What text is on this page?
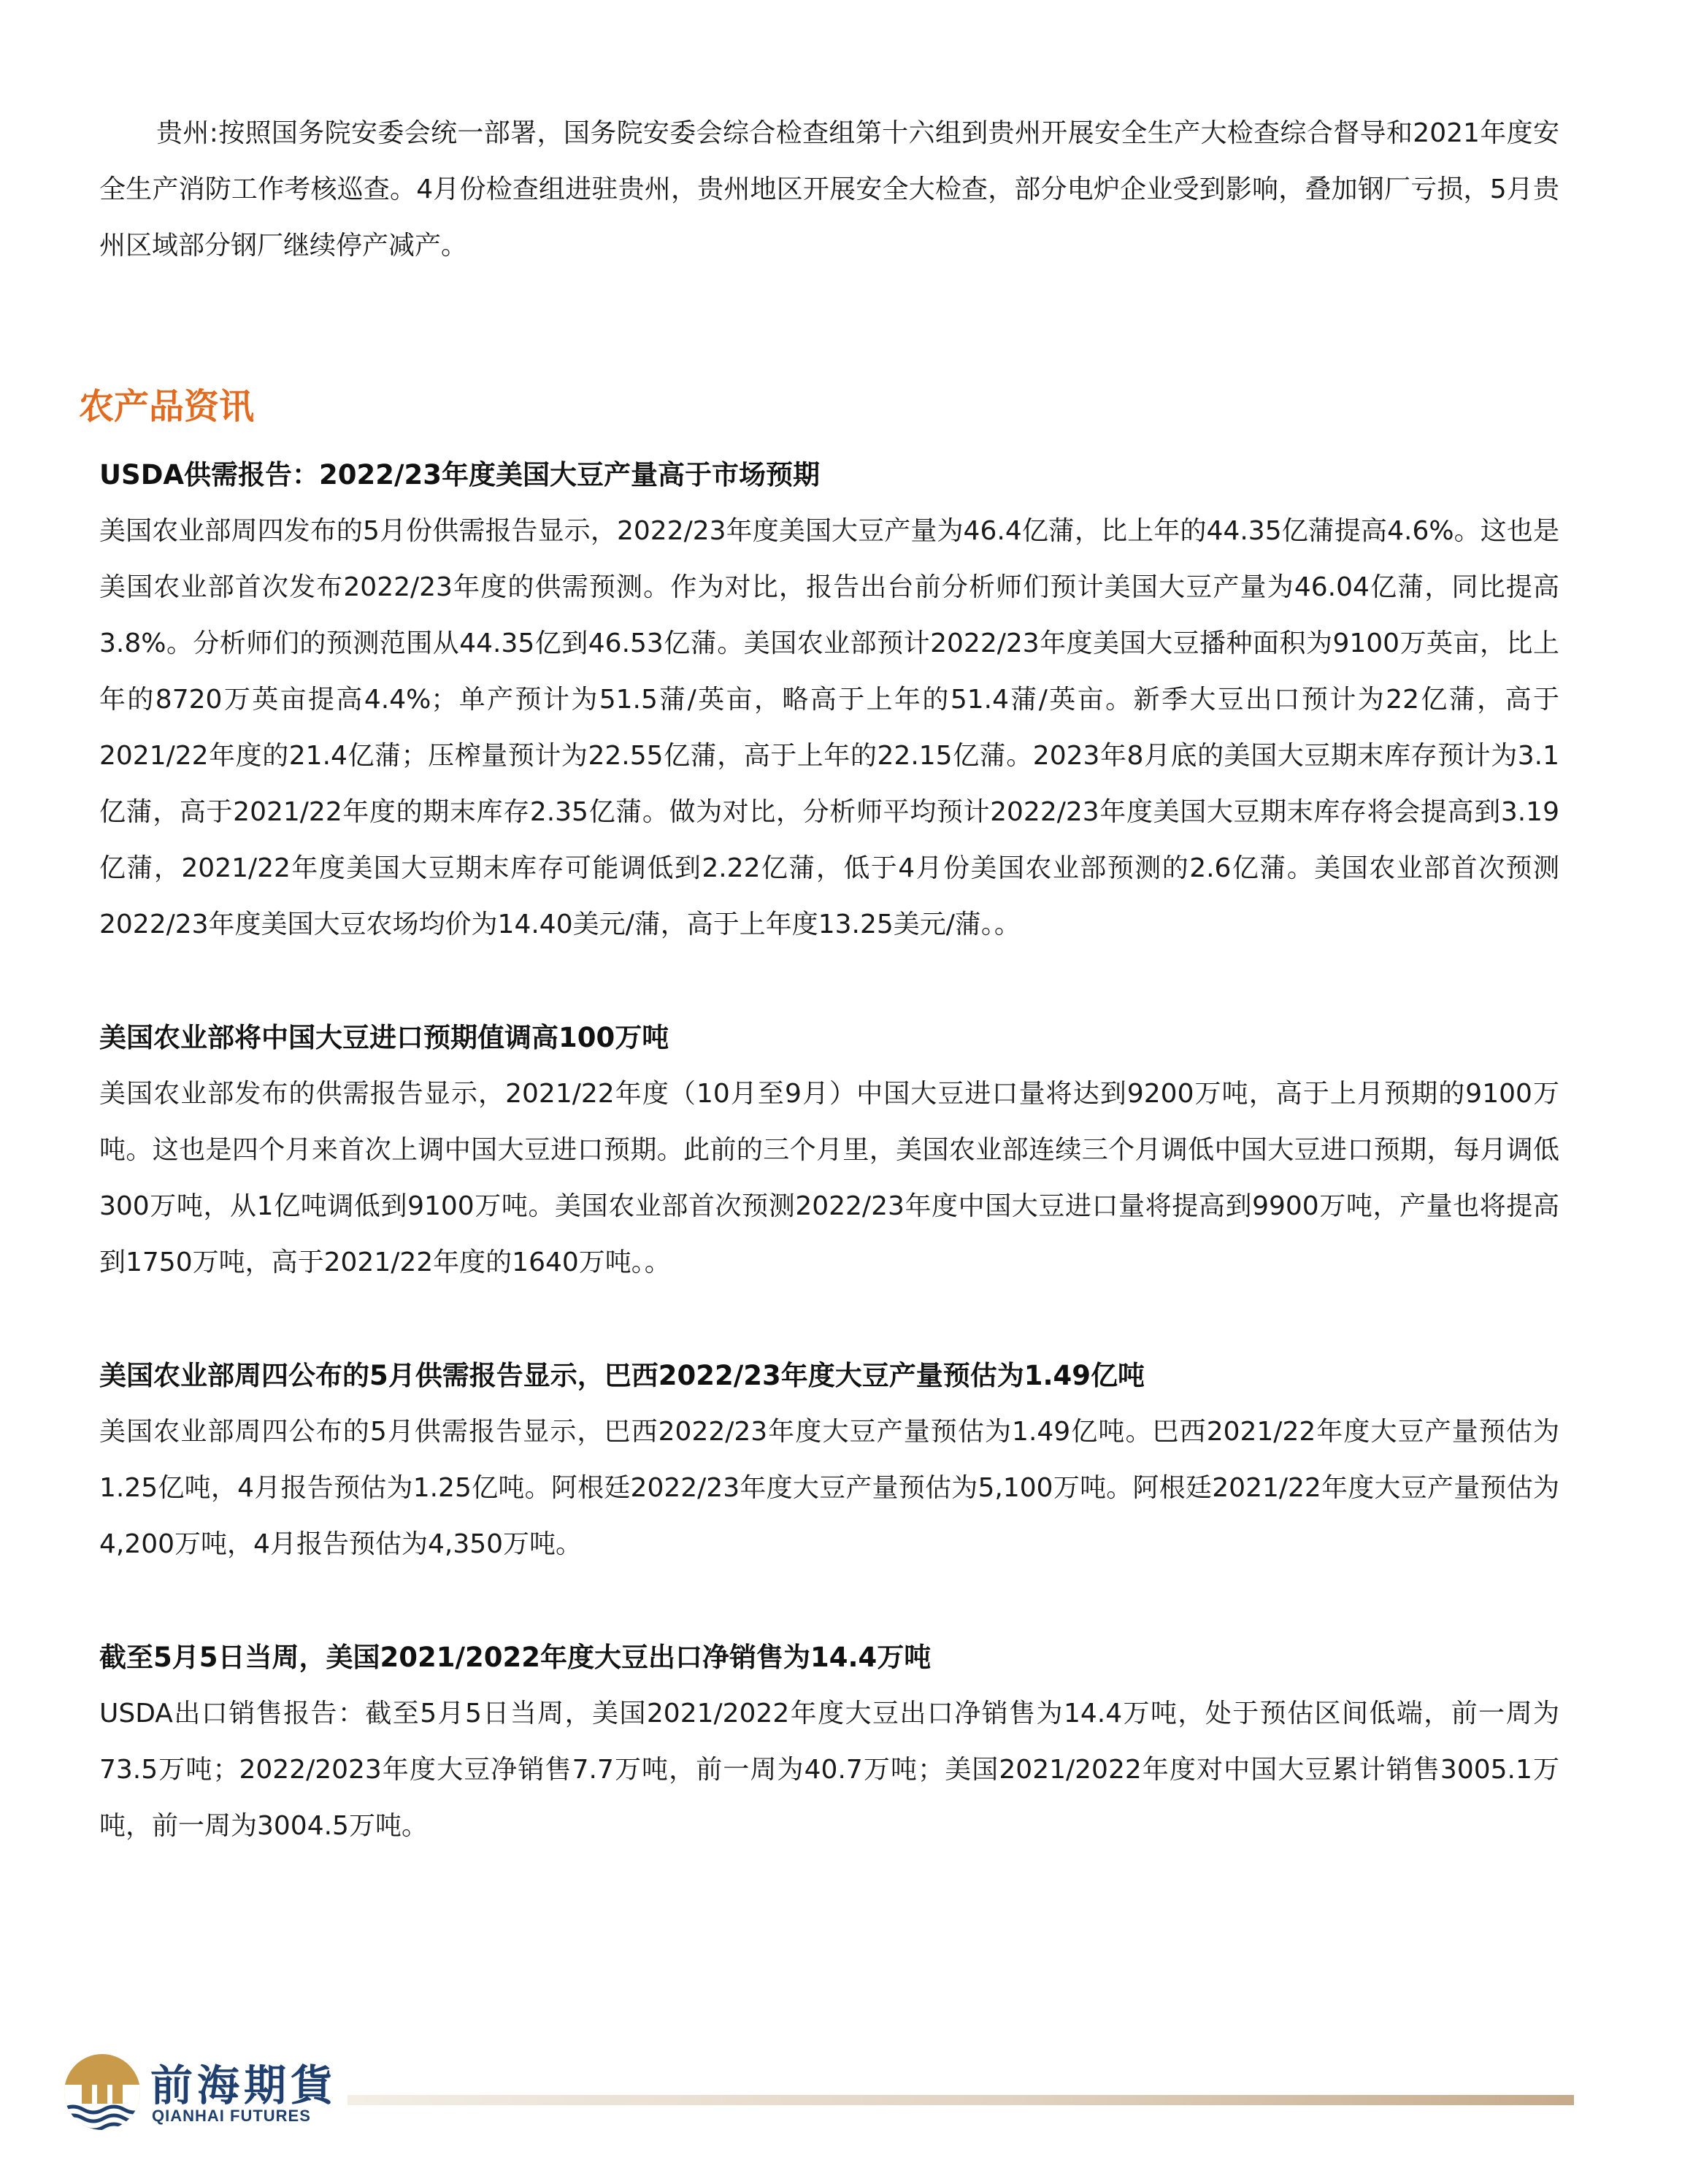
贵州:按照国务院安委会统一部署，国务院安委会综合检查组第十六组到贵州开展安全生产大检查综合督导和2021年度安全生产消防工作考核巡查。4月份检查组进驻贵州，贵州地区开展安全大检查，部分电炉企业受到影响，叠加钢厂亏损，5月贵州区域部分钢厂继续停产减产。

农产品资讯

USDA供需报告：2022/23年度美国大豆产量高于市场预期

美国农业部周四发布的5月份供需报告显示，2022/23年度美国大豆产量为46.4亿蒲，比上年的44.35亿蒲提高4.6%。这也是美国农业部首次发布2022/23年度的供需预测。作为对比，报告出台前分析师们预计美国大豆产量为46.04亿蒲，同比提高3.8%。分析师们的预测范围从44.35亿到46.53亿蒲。美国农业部预计2022/23年度美国大豆播种面积为9100万英亩，比上年的8720万英亩提高4.4%；单产预计为51.5蒲/英亩，略高于上年的51.4蒲/英亩。新季大豆出口预计为22亿蒲，高于2021/22年度的21.4亿蒲；压榨量预计为22.55亿蒲，高于上年的22.15亿蒲。2023年8月底的美国大豆期末库存预计为3.1亿蒲，高于2021/22年度的期末库存2.35亿蒲。做为对比，分析师平均预计2022/23年度美国大豆期末库存将会提高到3.19亿蒲，2021/22年度美国大豆期末库存可能调低到2.22亿蒲，低于4月份美国农业部预测的2.6亿蒲。美国农业部首次预测2022/23年度美国大豆农场均价为14.40美元/蒲，高于上年度13.25美元/蒲。。

美国农业部将中国大豆进口预期值调高100万吨

美国农业部发布的供需报告显示，2021/22年度（10月至9月）中国大豆进口量将达到9200万吨，高于上月预期的9100万吨。这也是四个月来首次上调中国大豆进口预期。此前的三个月里，美国农业部连续三个月调低中国大豆进口预期，每月调低300万吨，从1亿吨调低到9100万吨。美国农业部首次预测2022/23年度中国大豆进口量将提高到9900万吨，产量也将提高到1750万吨，高于2021/22年度的1640万吨。。

美国农业部周四公布的5月供需报告显示，巴西2022/23年度大豆产量预估为1.49亿吨

美国农业部周四公布的5月供需报告显示，巴西2022/23年度大豆产量预估为1.49亿吨。巴西2021/22年度大豆产量预估为1.25亿吨，4月报告预估为1.25亿吨。阿根廷2022/23年度大豆产量预估为5,100万吨。阿根廷2021/22年度大豆产量预估为4,200万吨，4月报告预估为4,350万吨。

截至5月5日当周，美国2021/2022年度大豆出口净销售为14.4万吨

USDA出口销售报告：截至5月5日当周，美国2021/2022年度大豆出口净销售为14.4万吨，处于预估区间低端，前一周为73.5万吨；2022/2023年度大豆净销售7.7万吨，前一周为40.7万吨；美国2021/2022年度对中国大豆累计销售3005.1万吨，前一周为3004.5万吨。

前海期貨
QIANHAI FUTURES
